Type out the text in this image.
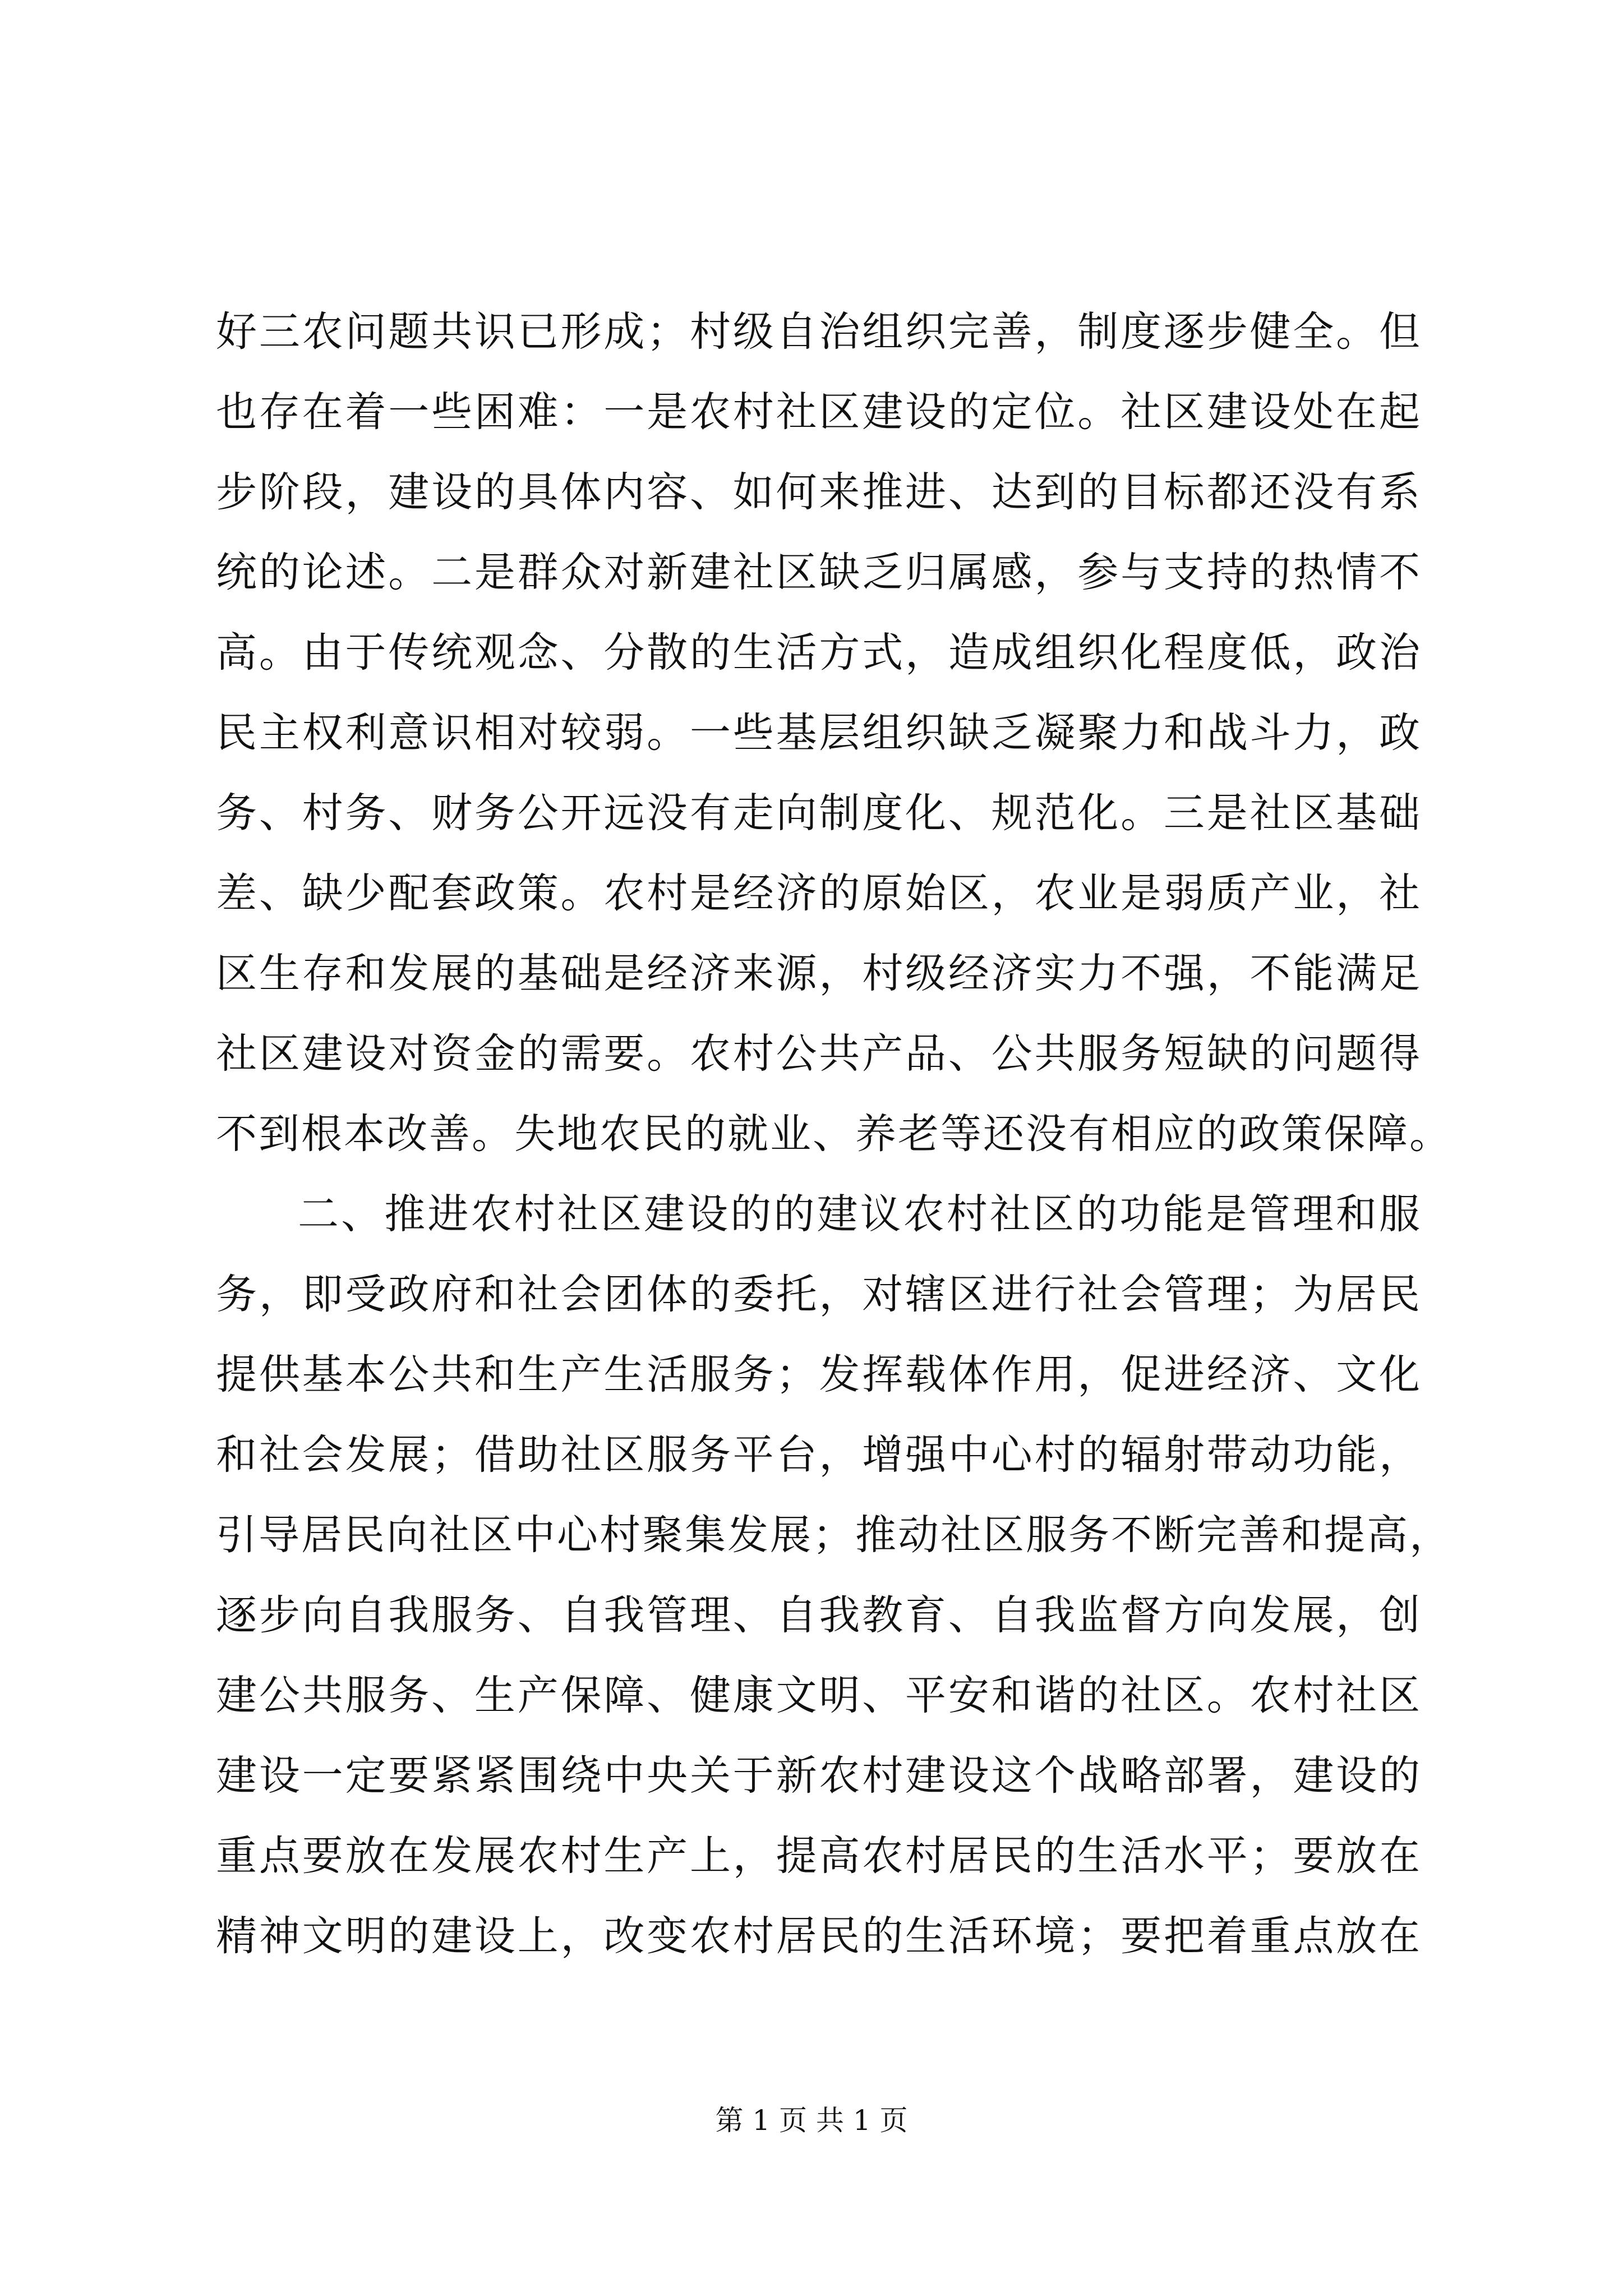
好三农问题共识已形成；村级自治组织完善，制度逐步健全。但
也存在着一些困难：一是农村社区建设的定位。社区建设处在起
步阶段，建设的具体内容、如何来推进、达到的目标都还没有系
统的论述。二是群众对新建社区缺乏归属感，参与支持的热情不
高。由于传统观念、分散的生活方式，造成组织化程度低，政治
民主权利意识相对较弱。一些基层组织缺乏凝聚力和战斗力，政
务、村务、财务公开远没有走向制度化、规范化。三是社区基础
差、缺少配套政策。农村是经济的原始区，农业是弱质产业，社
区生存和发展的基础是经济来源，村级经济实力不强，不能满足
社区建设对资金的需要。农村公共产品、公共服务短缺的问题得
不到根本改善。失地农民的就业、养老等还没有相应的政策保障。
二、推进农村社区建设的的建议农村社区的功能是管理和服
务，即受政府和社会团体的委托，对辖区进行社会管理；为居民
提供基本公共和生产生活服务；发挥载体作用，促进经济、文化
和社会发展；借助社区服务平台，增强中心村的辐射带动功能，
引导居民向社区中心村聚集发展；推动社区服务不断完善和提高，
逐步向自我服务、自我管理、自我教育、自我监督方向发展，创
建公共服务、生产保障、健康文明、平安和谐的社区。农村社区
建设一定要紧紧围绕中央关于新农村建设这个战略部署，建设的
重点要放在发展农村生产上，提高农村居民的生活水平；要放在
精神文明的建设上，改变农村居民的生活环境；要把着重点放在
第 1 页 共 1 页
